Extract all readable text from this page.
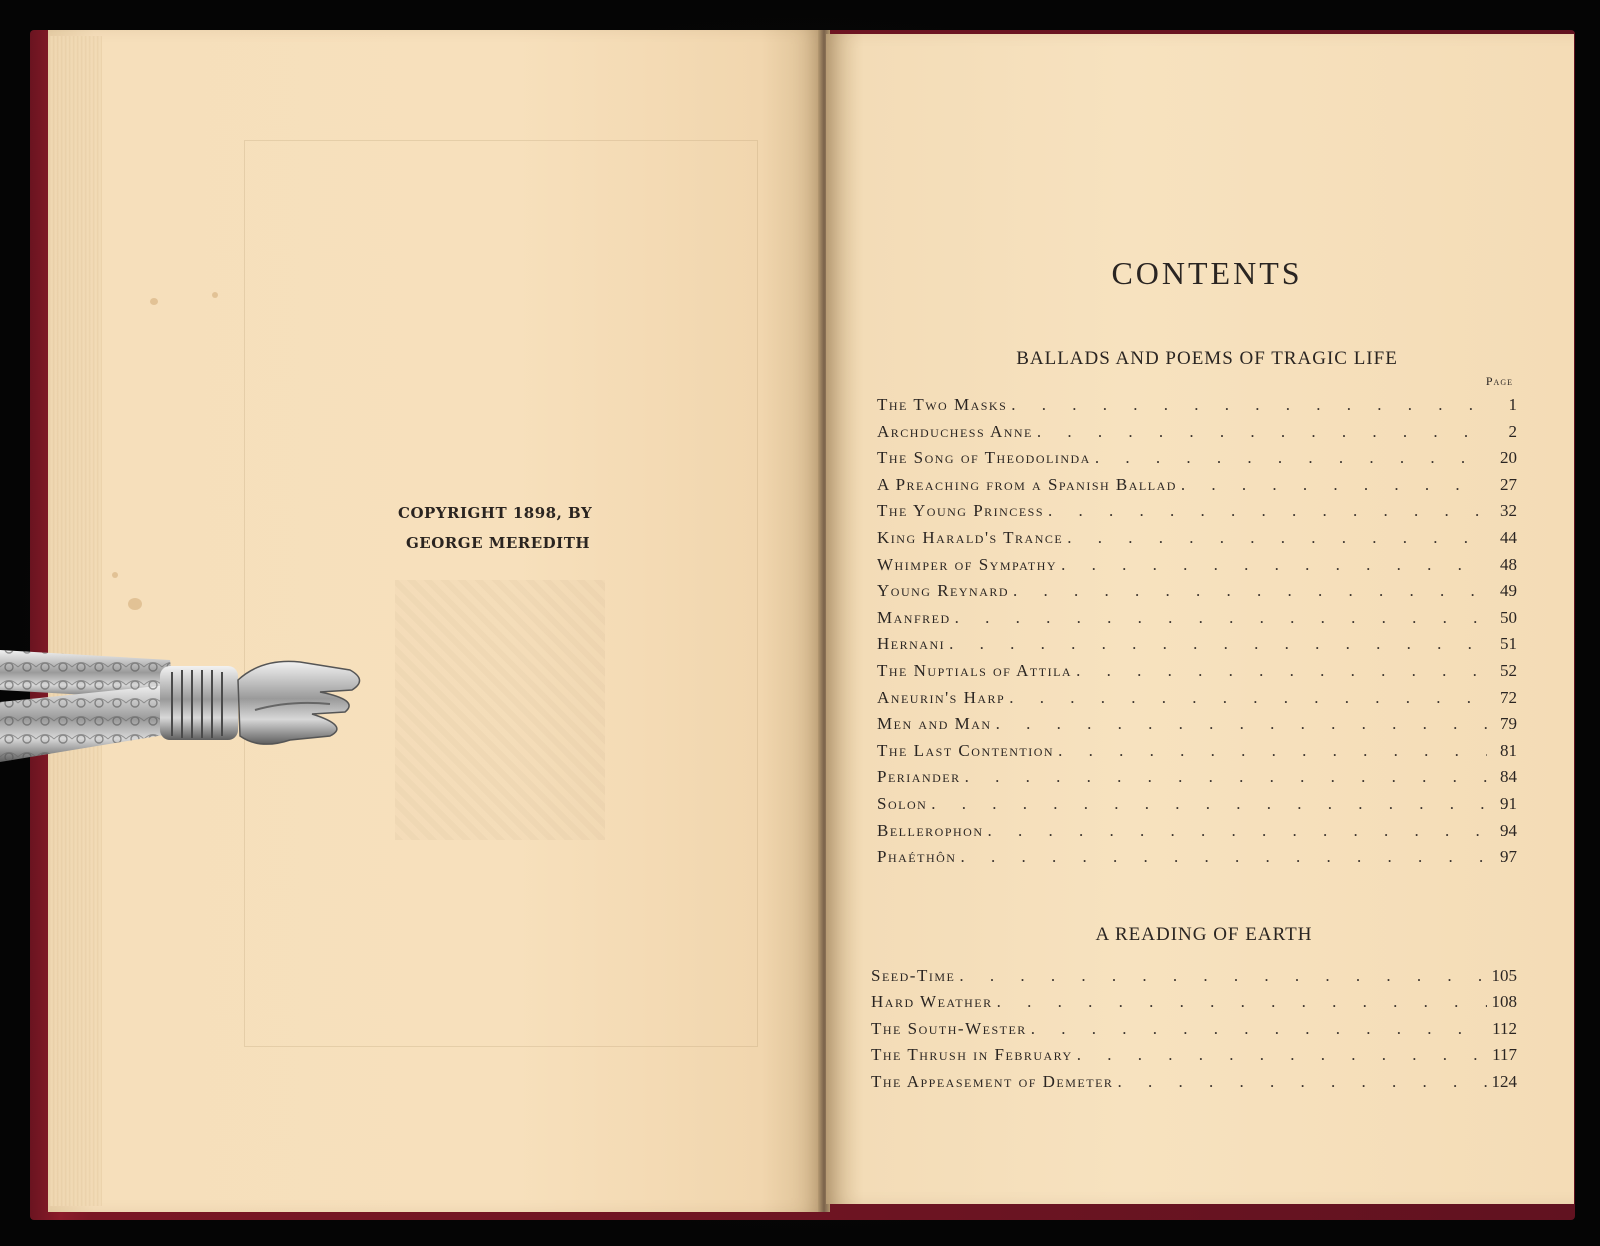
COPYRIGHT 1898, BY
GEORGE MEREDITH
CONTENTS
BALLADS AND POEMS OF TRAGIC LIFE
Page
The Two Masks . . .	1
Archduchess Anne . . .	2
The Song of Theodolinda . . .	20
A Preaching from a Spanish Ballad . . .	27
The Young Princess . . .	32
King Harald's Trance . . .	44
Whimper of Sympathy . . .	48
Young Reynard . . .	49
Manfred . . .	50
Hernani . . .	51
The Nuptials of Attila . . .	52
Aneurin's Harp . . .	72
Men and Man . . .	79
The Last Contention . . .	81
Periander . . .	84
Solon . . .	91
Bellerophon . . .	94
Phaéthôn . . .	97
A READING OF EARTH
Seed-Time . . .	105
Hard Weather . . .	108
The South-Wester . . .	112
The Thrush in February . . .	117
The Appeasement of Demeter . . .	124
